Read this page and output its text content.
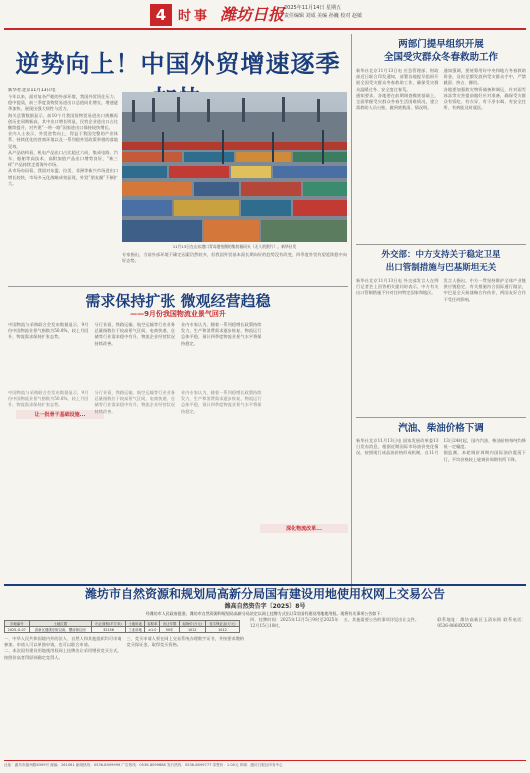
4 时事 潍坊日报 2025年11月14日 星期五
责任编辑 刘成 美编 孙巍 校对 赵敏
逆势向上！中国外贸增速逐季

新华社北京11月13日电

今年以来，面对复杂严峻的外部环境，我国外贸顶住压力、稳中提质，前三季度货物贸易进出口总值同比增长，增速逐季加快，展现出强大韧性与活力。

海关总署数据显示，前10个月我国货物贸易进出口规模再创历史同期新高，其中出口增长明显，民营企业进出口占比继续提升，对共建“一带一路”国家进出口保持较快增长。

业内人士表示，外贸逆势向上，得益于我国完整的产业体系、持续优化的营商环境以及一系列稳外贸政策举措的落地见效。

从产品结构看，机电产品出口占比超过六成，集成电路、汽车、船舶等高技术、高附加值产品出口增势良好，“新三样”产品持续走俏海外市场。

从市场布局看，我国对东盟、拉美、非洲等新兴市场进出口增长较快，市场多元化战略成效显现，外贸“朋友圈”不断扩大。

11月13日在山东港口青岛港拍摄的集装箱码头（无人机照片）。新华社发

专家指出，当前外部环境不确定因素仍然较多，但我国外贸基本面长期向好的趋势没有改变，四季度外贸有望延续稳中向好态势。

两部门提早组织开展
全国受灾群众冬春救助工作

新华社北京11月13日电 应急管理部、财政部近日联合印发通知，部署各地提早组织开展全国受灾群众冬春救助工作，确保受灾群众温暖过冬、安全度过春荒。

通知要求，各地要在前期调查摸底基础上，全面掌握受灾群众冬春生活困难情况，建立需救助人员台账，做到底数清、情况明。

通知强调，要统筹用好中央和地方冬春救助资金，及时足额发放到受灾群众手中，严禁截留、挤占、挪用。

各地要加强救灾物资储备和调运，针对雨雪冰冻等灾害提前做好应对准备，确保受灾群众有饭吃、有衣穿、有干净水喝、有安全住所、有病能及时就医。

外交部：中方支持关于稳定卫星
出口管制措施与巴基斯坦无关

新华社北京11月13日电 外交部发言人在例行记者会上回答相关提问时表示，中方有关出口管制措施不针对任何特定国家和地区。

发言人指出，中方一贯坚持维护全球产业链供应链稳定，有关措施符合国际通行做法，中巴是全天候战略合作伙伴，两国友好合作不受任何影响。

汽油、柴油价格下调

新华社北京11月13日电 国家发展改革委13日发布消息，根据近期国际市场油价变化情况，按照现行成品油价格形成机制，自11月13日24时起，国内汽油、柴油价格每吨均降低一定幅度。

据监测，本轮调价周期内国际油价震荡下行，平均价格较上轮调价周期有所下降。

需求保持扩张 微观经营趋稳
——9月份我国物流业景气回升

中国物流与采购联合会发布数据显示，9月份中国物流业景气指数为50.8%，较上月回升，物流需求保持扩张态势。

分行业看，铁路运输、航空运输等行业业务总量指数位于较高景气区间，电商快递、仓储等行业需求稳中有升，物流企业经营状况持续改善。

业内专家认为，随着一系列稳增长政策持续发力，生产和消费需求逐步恢复，物流运行总体平稳，预计四季度物流业景气水平将保持稳定。

让一批骨干基础设施...
深化物流改革...

中国物流与采购联合会发布数据显示，9月份中国物流业景气指数为50.8%，较上月回升，物流需求保持扩张态势。

分行业看，铁路运输、航空运输等行业业务总量指数位于较高景气区间，电商快递、仓储等行业需求稳中有升，物流企业经营状况持续改善。

业内专家认为，随着一系列稳增长政策持续发力，生产和消费需求逐步恢复，物流运行总体平稳，预计四季度物流业景气水平将保持稳定。

潍坊市自然资源和规划局高新分局国有建设用地使用权网上交易公告
潍高自然资告字〔2025〕8号
经潍坊市人民政府批准，潍坊市自然资源和规划局高新分局决定以网上挂牌方式出让1宗国有建设用地使用权。现将有关事项公告如下：
宗地编号	土地位置	出让面积(平方米)	土地用途	容积率	出让年限	起始价(万元)	竞买保证金(万元)
2025-G-07	高新区健康东街以南、樱前街以西	32156	工业用地	≥1.0	50年	1012	1012

一、中华人民共和国境内外的法人、自然人和其他组织均可申请参加，申请人可以单独申请，也可以联合申请。

二、本次国有建设用地使用权网上挂牌出让采用增价竞买方式，按照价高者得原则确定竞得人。

三、竞买申请人须在网上交易系统办理数字证书，并按要求缴纳竞买保证金，取得竞买资格。

四、挂牌时间：2025年12月5日9时至2025年12月15日10时。

五、其他需要公告的事项详见出让文件。	联系地址：潍坊高新区玉清东街 联系电话：0536-8868XXXX

社址：潍坊市潍州路6399号 邮编：261061 新闻热线：0536-8099999 广告热线：0536-8099888 发行热线：0536-8099777 零售价：1.00元 印刷：潍坊日报社印务中心
